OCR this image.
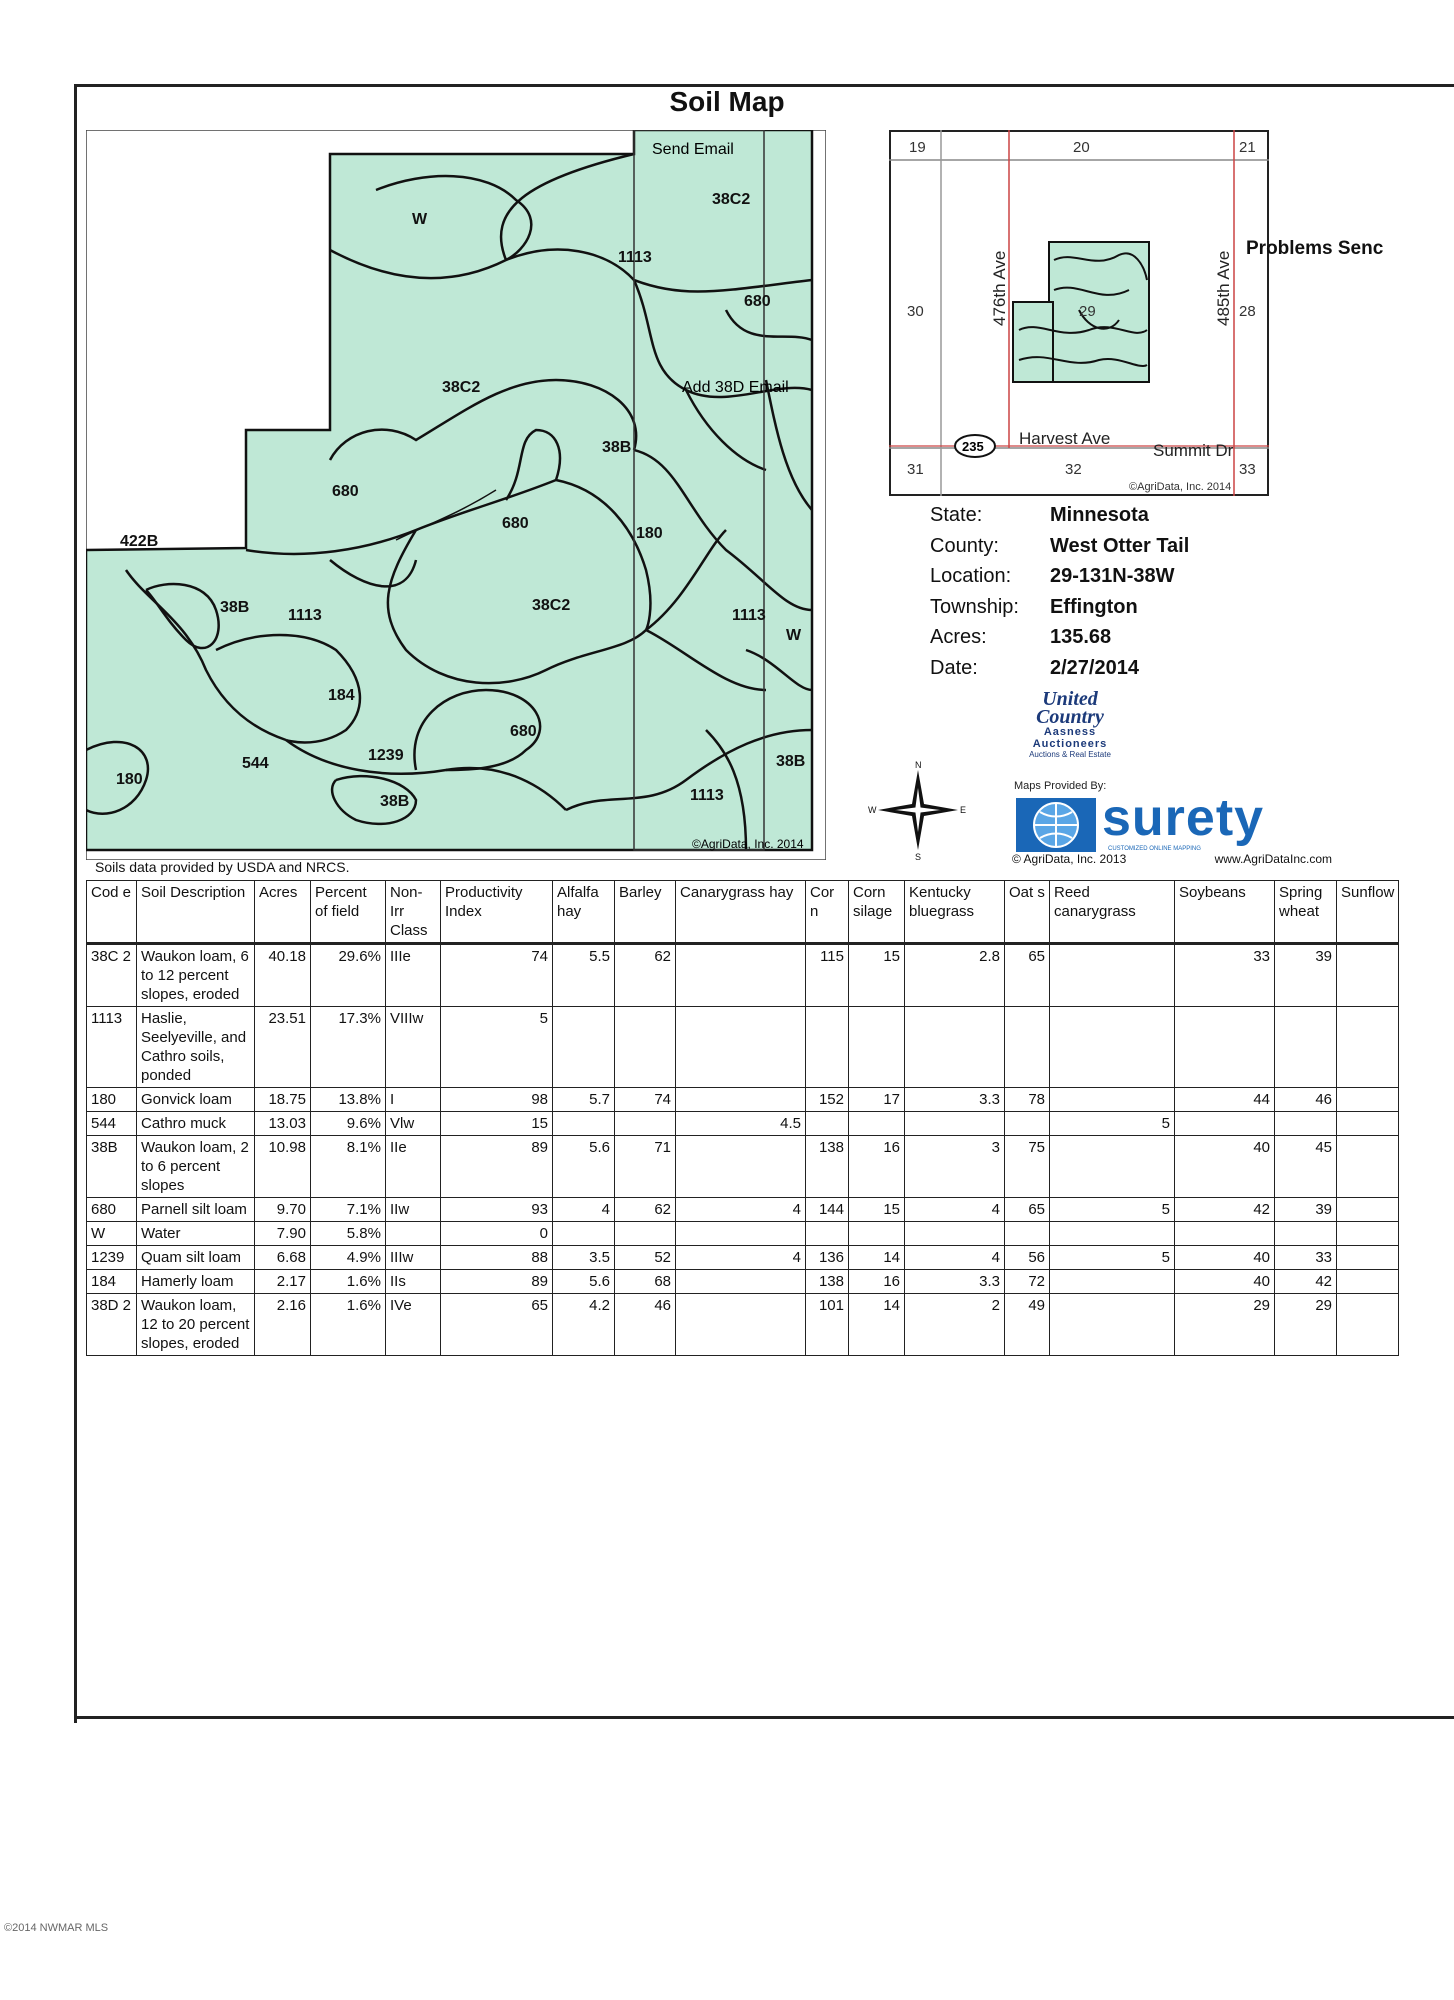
Soil Map
Send Email
Add 38D Email
W
1113
38C2
680
38C2
38B
680
680
180
422B
38B 1113
38C2
1113
W
184
680
180
544	1239
38B
38B
1113
©AgriData, Inc. 2014
Soils data provided by USDA and NRCS.
19	20	21
30	29	28
31	32	33
476th Ave	485th Ave
Harvest Ave
Summit Dr
235
©AgriData, Inc. 2014
Problems Senc
State:	Minnesota
County:	West Otter Tail
Location:	29-131N-38W
Township:	Effington
Acres:	135.68
Date:	2/27/2014
United
Country
Aasness
Auctioneers
Auctions & Real Estate
N
S
E
W
Maps Provided By:
surety
CUSTOMIZED ONLINE MAPPING
© AgriData, Inc. 2013	www.AgriDataInc.com
Cod e	Soil Description	Acres	Percent of field	Non- Irr Class	Productivity Index	Alfalfa hay	Barley	Canarygrass hay	Cor n	Corn silage	Kentucky bluegrass	Oat s	Reed canarygrass	Soybeans	Spring wheat	Sunflow
38C 2	Waukon loam, 6 to 12 percent slopes, eroded	40.18	29.6%	IIIe	74	5.5	62		115	15	2.8	65		33	39	
1113	Haslie, Seelyeville, and Cathro soils, ponded	23.51	17.3%	VIIIw	5											
180	Gonvick loam	18.75	13.8%	I	98	5.7	74		152	17	3.3	78		44	46	
544	Cathro muck	13.03	9.6%	Vlw	15			4.5					5			
38B	Waukon loam, 2 to 6 percent slopes	10.98	8.1%	IIe	89	5.6	71		138	16	3	75		40	45	
680	Parnell silt loam	9.70	7.1%	IIw	93	4	62	4	144	15	4	65	5	42	39	
W	Water	7.90	5.8%		0											
1239	Quam silt loam	6.68	4.9%	IIIw	88	3.5	52	4	136	14	4	56	5	40	33	
184	Hamerly loam	2.17	1.6%	IIs	89	5.6	68		138	16	3.3	72		40	42	
38D 2	Waukon loam, 12 to 20 percent slopes, eroded	2.16	1.6%	IVe	65	4.2	46		101	14	2	49		29	29	

©2014 NWMAR MLS
